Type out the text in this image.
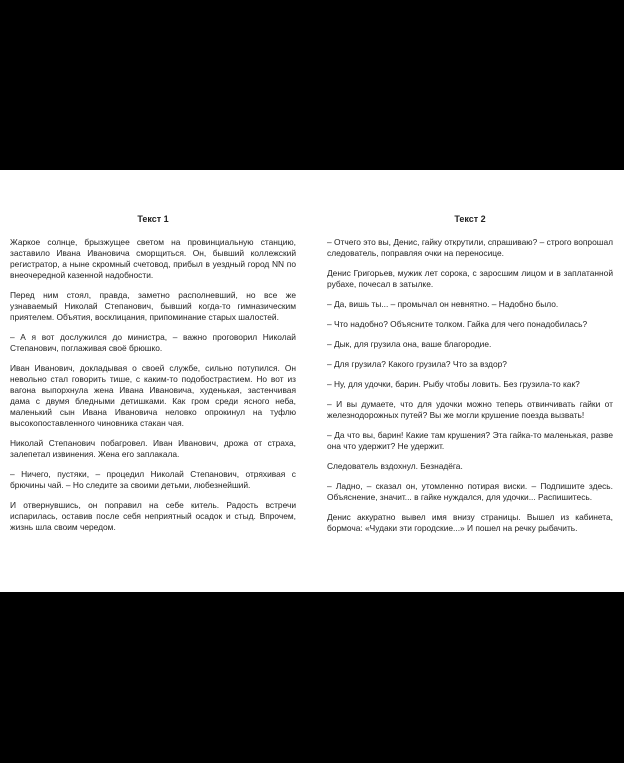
Текст 1

Жаркое солнце, брызжущее светом на провинциальную станцию, заставило Ивана Ивановича сморщиться. Он, бывший коллежский регистратор, а ныне скромный счетовод, прибыл в уездный город NN по внеочередной казенной надобности.

Перед ним стоял, правда, заметно располневший, но все же узнаваемый Николай Степанович, бывший когда-то гимназическим приятелем. Объятия, восклицания, припоминание старых шалостей.

– А я вот дослужился до министра, – важно проговорил Николай Степанович, поглаживая своё брюшко.

Иван Иванович, докладывая о своей службе, сильно потупился. Он невольно стал говорить тише, с каким-то подобострастием. Но вот из вагона выпорхнула жена Ивана Ивановича, худенькая, застенчивая дама с двумя бледными детишками. Как гром среди ясного неба, маленький сын Ивана Ивановича неловко опрокинул на туфлю высокопоставленного чиновника стакан чая.

Николай Степанович побагровел. Иван Иванович, дрожа от страха, залепетал извинения. Жена его заплакала.

– Ничего, пустяки, – процедил Николай Степанович, отряхивая с брючины чай. – Но следите за своими детьми, любезнейший.

И отвернувшись, он поправил на себе китель. Радость встречи испарилась, оставив после себя неприятный осадок и стыд. Впрочем, жизнь шла своим чередом.

Текст 2

– Отчего это вы, Денис, гайку открутили, спрашиваю? – строго вопрошал следователь, поправляя очки на переносице.

Денис Григорьев, мужик лет сорока, с заросшим лицом и в заплатанной рубахе, почесал в затылке.

– Да, вишь ты... – промычал он невнятно. – Надобно было.

– Что надобно? Объясните толком. Гайка для чего понадобилась?

– Дык, для грузила она, ваше благородие.

– Для грузила? Какого грузила? Что за вздор?

– Ну, для удочки, барин. Рыбу чтобы ловить. Без грузила-то как?

– И вы думаете, что для удочки можно теперь отвинчивать гайки от железнодорожных путей? Вы же могли крушение поезда вызвать!

– Да что вы, барин! Какие там крушения? Эта гайка-то маленькая, разве она что удержит? Не удержит.

Следователь вздохнул. Безнадёга.

– Ладно, – сказал он, утомленно потирая виски. – Подпишите здесь. Объяснение, значит... в гайке нуждался, для удочки... Распишитесь.

Денис аккуратно вывел имя внизу страницы. Вышел из кабинета, бормоча: «Чудаки эти городские...» И пошел на речку рыбачить.
